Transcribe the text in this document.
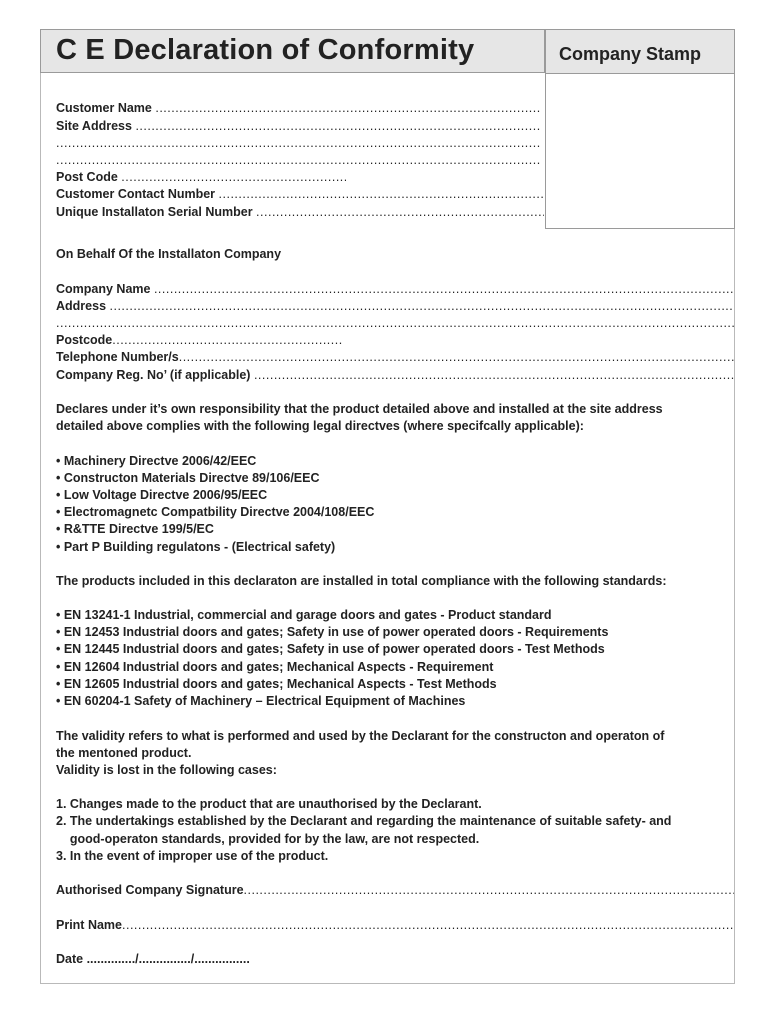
C E Declaration of Conformity	Company Stamp
Customer Name
.....
Site Address
.....
.....
.....
Post Code
.....
Customer Contact Number
.....
Unique Installaton Serial Number
.....
On Behalf Of the Installaton Company
Company Name
.....
Address
.....
.....
Postcode
.....
Telephone Number/s
.....
Company Reg. No’ (if applicable)
.....
Declares under it’s own responsibility that the product detailed above and installed at the site address
detailed above complies with the following legal directves (where specifcally applicable):
• Machinery Directve 2006/42/EEC
• Constructon Materials Directve 89/106/EEC
• Low Voltage Directve 2006/95/EEC
• Electromagnetc Compatbility Directve 2004/108/EEC
• R&TTE Directve 199/5/EC
• Part P Building regulatons - (Electrical safety)
The products included in this declaraton are installed in total compliance with the following standards:
• EN 13241-1 Industrial, commercial and garage doors and gates - Product standard
• EN 12453 Industrial doors and gates; Safety in use of power operated doors - Requirements
• EN 12445 Industrial doors and gates; Safety in use of power operated doors - Test Methods
• EN 12604 Industrial doors and gates; Mechanical Aspects - Requirement
• EN 12605 Industrial doors and gates; Mechanical Aspects - Test Methods
• EN 60204-1 Safety of Machinery – Electrical Equipment of Machines
The validity refers to what is performed and used by the Declarant for the constructon and operaton of
the mentoned product.
Validity is lost in the following cases:
1. Changes made to the product that are unauthorised by the Declarant.
2. The undertakings established by the Declarant and regarding the maintenance of suitable safety- and
good-operaton standards, provided for by the law, are not respected.
3. In the event of improper use of the product.
Authorised Company Signature
.....
Print Name
.....
Date ............../.............../................
